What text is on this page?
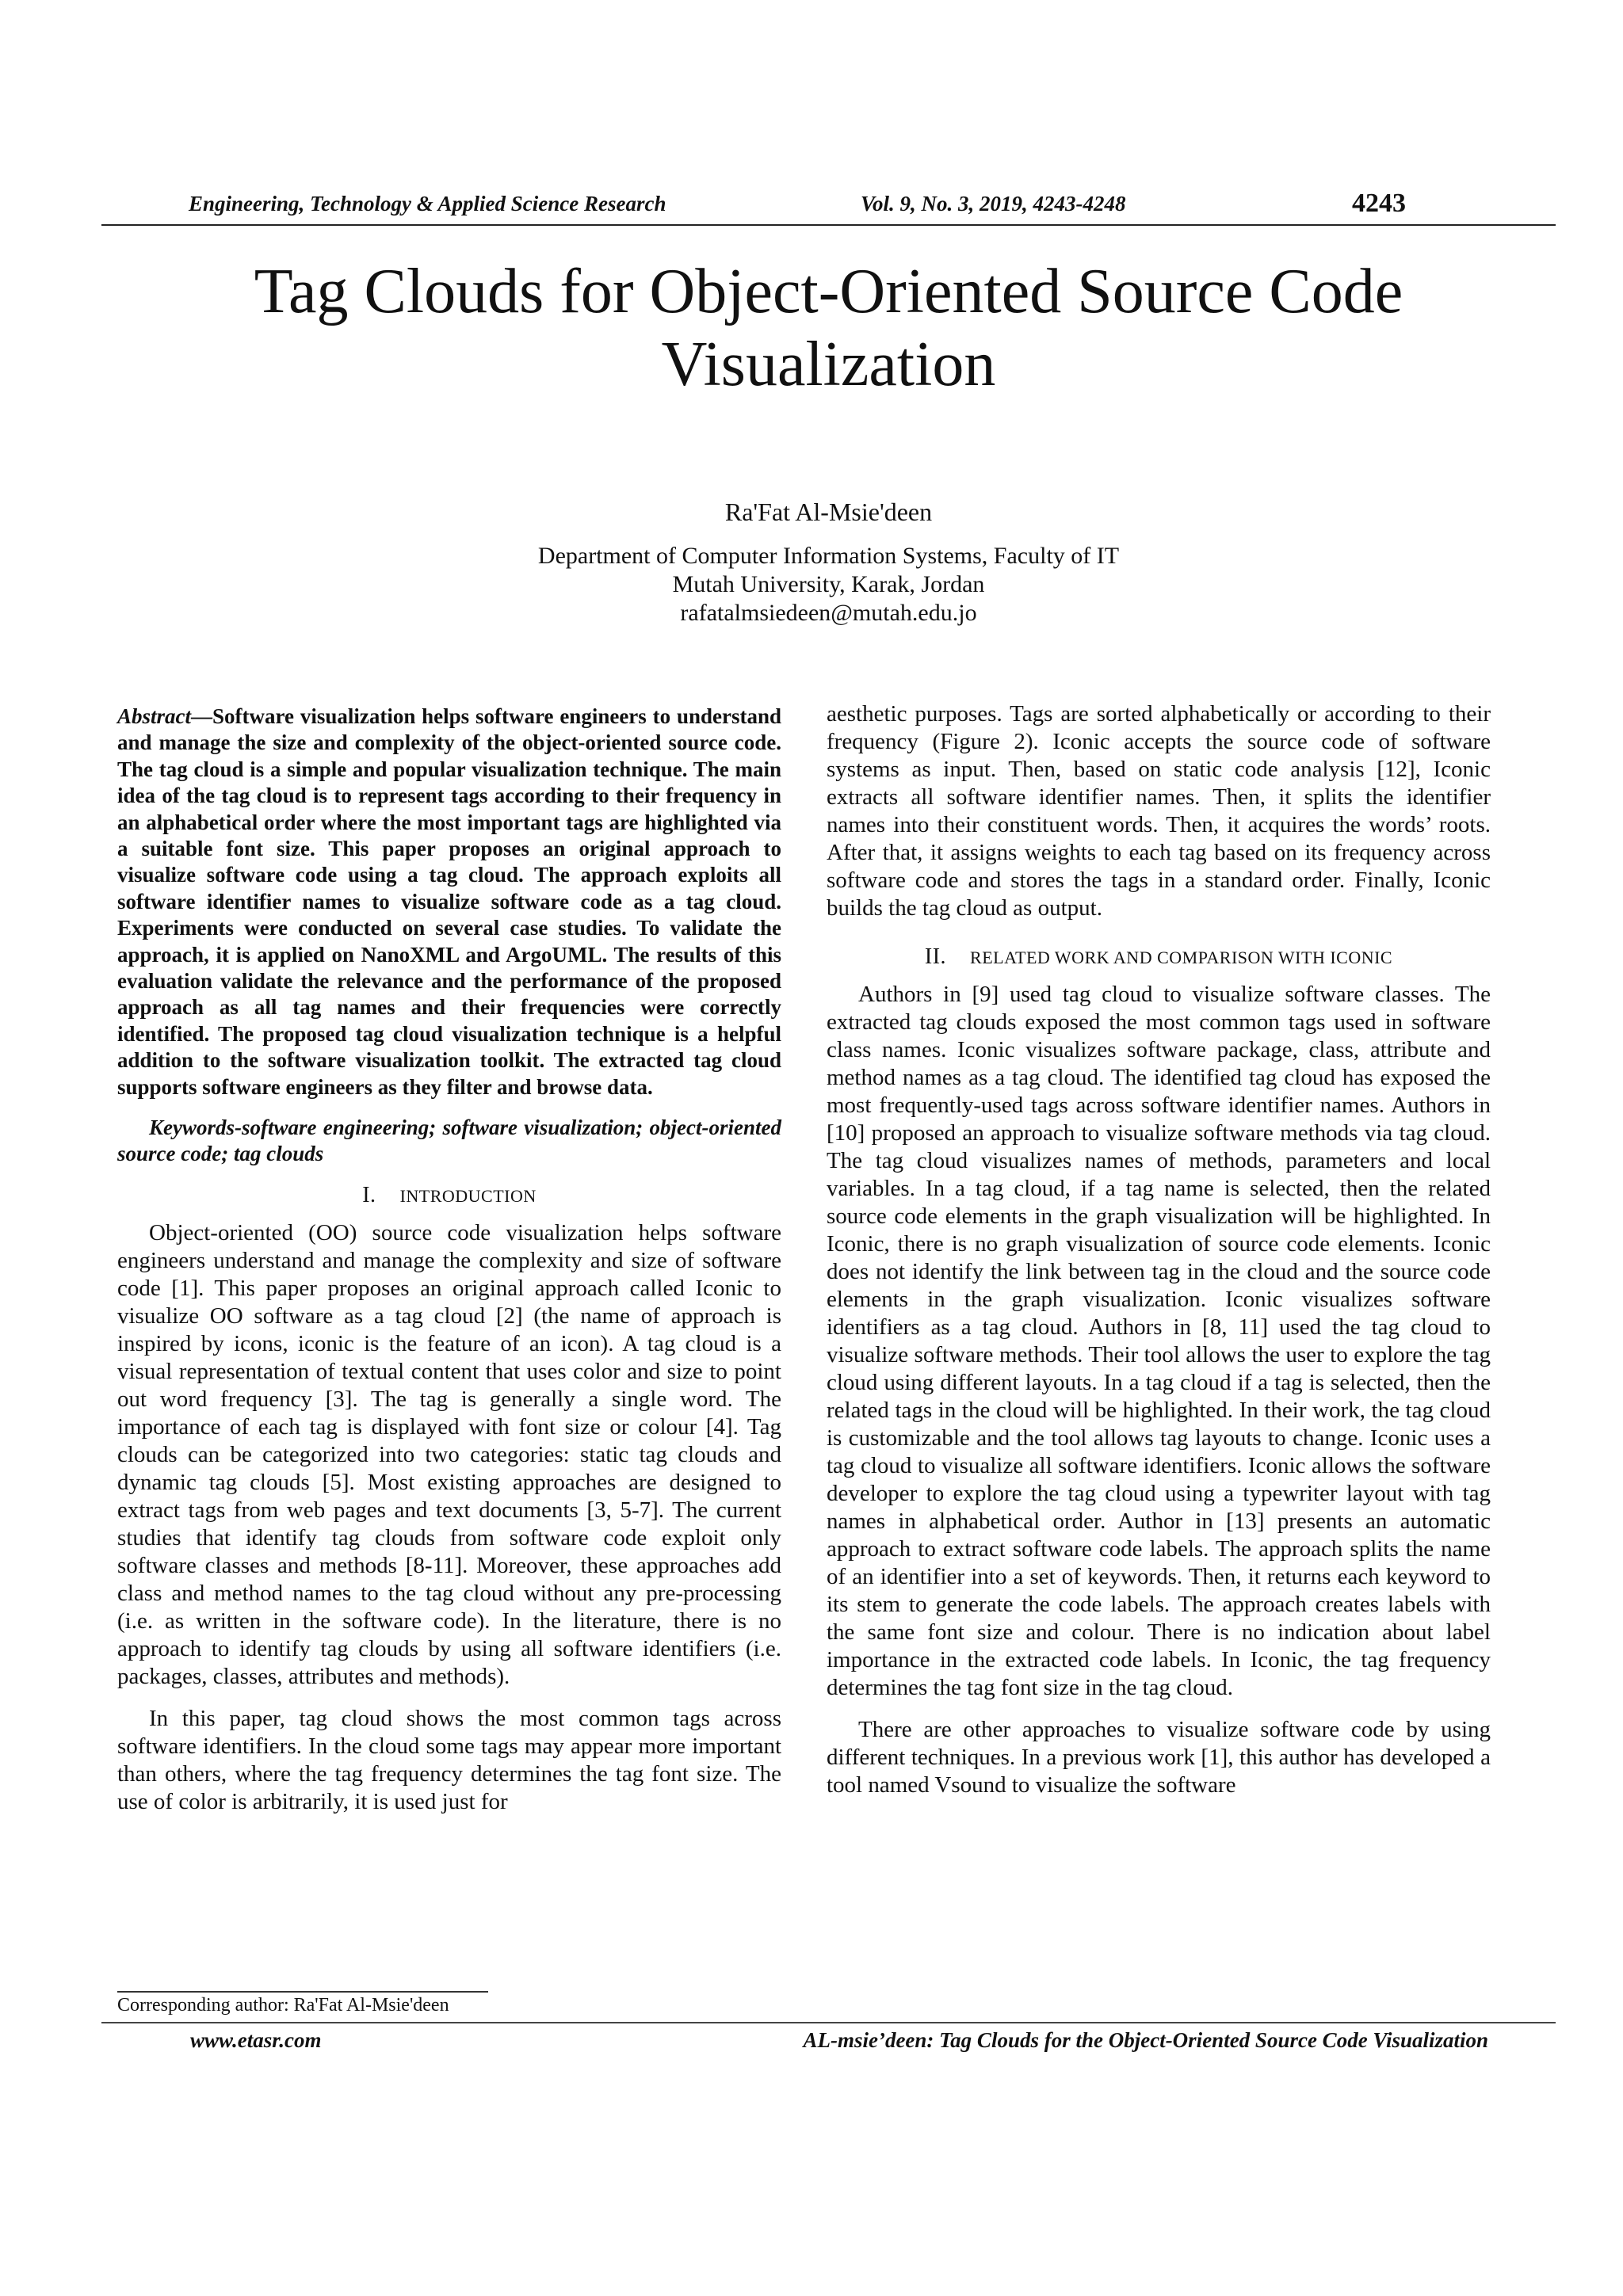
Engineering, Technology & Applied Science Research	Vol. 9, No. 3, 2019, 4243-4248	4243
Tag Clouds for Object-Oriented Source Code Visualization
Ra'Fat Al-Msie'deen
Department of Computer Information Systems, Faculty of IT
Mutah University, Karak, Jordan
rafatalmsiedeen@mutah.edu.jo

Abstract—Software visualization helps software engineers to understand and manage the size and complexity of the object-oriented source code. The tag cloud is a simple and popular visualization technique. The main idea of the tag cloud is to represent tags according to their frequency in an alphabetical order where the most important tags are highlighted via a suitable font size. This paper proposes an original approach to visualize software code using a tag cloud. The approach exploits all software identifier names to visualize software code as a tag cloud. Experiments were conducted on several case studies. To validate the approach, it is applied on NanoXML and ArgoUML. The results of this evaluation validate the relevance and the performance of the proposed approach as all tag names and their frequencies were correctly identified. The proposed tag cloud visualization technique is a helpful addition to the software visualization toolkit. The extracted tag cloud supports software engineers as they filter and browse data.

Keywords-software engineering; software visualization; object-oriented source code; tag clouds

I. INTRODUCTION

Object-oriented (OO) source code visualization helps software engineers understand and manage the complexity and size of software code [1]. This paper proposes an original approach called Iconic to visualize OO software as a tag cloud [2] (the name of approach is inspired by icons, iconic is the feature of an icon). A tag cloud is a visual representation of textual content that uses color and size to point out word frequency [3]. The tag is generally a single word. The importance of each tag is displayed with font size or colour [4]. Tag clouds can be categorized into two categories: static tag clouds and dynamic tag clouds [5]. Most existing approaches are designed to extract tags from web pages and text documents [3, 5-7]. The current studies that identify tag clouds from software code exploit only software classes and methods [8-11]. Moreover, these approaches add class and method names to the tag cloud without any pre-processing (i.e. as written in the software code). In the literature, there is no approach to identify tag clouds by using all software identifiers (i.e. packages, classes, attributes and methods).

In this paper, tag cloud shows the most common tags across software identifiers. In the cloud some tags may appear more important than others, where the tag frequency determines the tag font size. The use of color is arbitrarily, it is used just for

aesthetic purposes. Tags are sorted alphabetically or according to their frequency (Figure 2). Iconic accepts the source code of software systems as input. Then, based on static code analysis [12], Iconic extracts all software identifier names. Then, it splits the identifier names into their constituent words. Then, it acquires the words’ roots. After that, it assigns weights to each tag based on its frequency across software code and stores the tags in a standard order. Finally, Iconic builds the tag cloud as output.

II. RELATED WORK AND COMPARISON WITH ICONIC

Authors in [9] used tag cloud to visualize software classes. The extracted tag clouds exposed the most common tags used in software class names. Iconic visualizes software package, class, attribute and method names as a tag cloud. The identified tag cloud has exposed the most frequently-used tags across software identifier names. Authors in [10] proposed an approach to visualize software methods via tag cloud. The tag cloud visualizes names of methods, parameters and local variables. In a tag cloud, if a tag name is selected, then the related source code elements in the graph visualization will be highlighted. In Iconic, there is no graph visualization of source code elements. Iconic does not identify the link between tag in the cloud and the source code elements in the graph visualization. Iconic visualizes software identifiers as a tag cloud. Authors in [8, 11] used the tag cloud to visualize software methods. Their tool allows the user to explore the tag cloud using different layouts. In a tag cloud if a tag is selected, then the related tags in the cloud will be highlighted. In their work, the tag cloud is customizable and the tool allows tag layouts to change. Iconic uses a tag cloud to visualize all software identifiers. Iconic allows the software developer to explore the tag cloud using a typewriter layout with tag names in alphabetical order. Author in [13] presents an automatic approach to extract software code labels. The approach splits the name of an identifier into a set of keywords. Then, it returns each keyword to its stem to generate the code labels. The approach creates labels with the same font size and colour. There is no indication about label importance in the extracted code labels. In Iconic, the tag frequency determines the tag font size in the tag cloud.

There are other approaches to visualize software code by using different techniques. In a previous work [1], this author has developed a tool named Vsound to visualize the software

Corresponding author: Ra'Fat Al-Msie'deen
www.etasr.com	AL-msie’deen: Tag Clouds for the Object-Oriented Source Code Visualization
